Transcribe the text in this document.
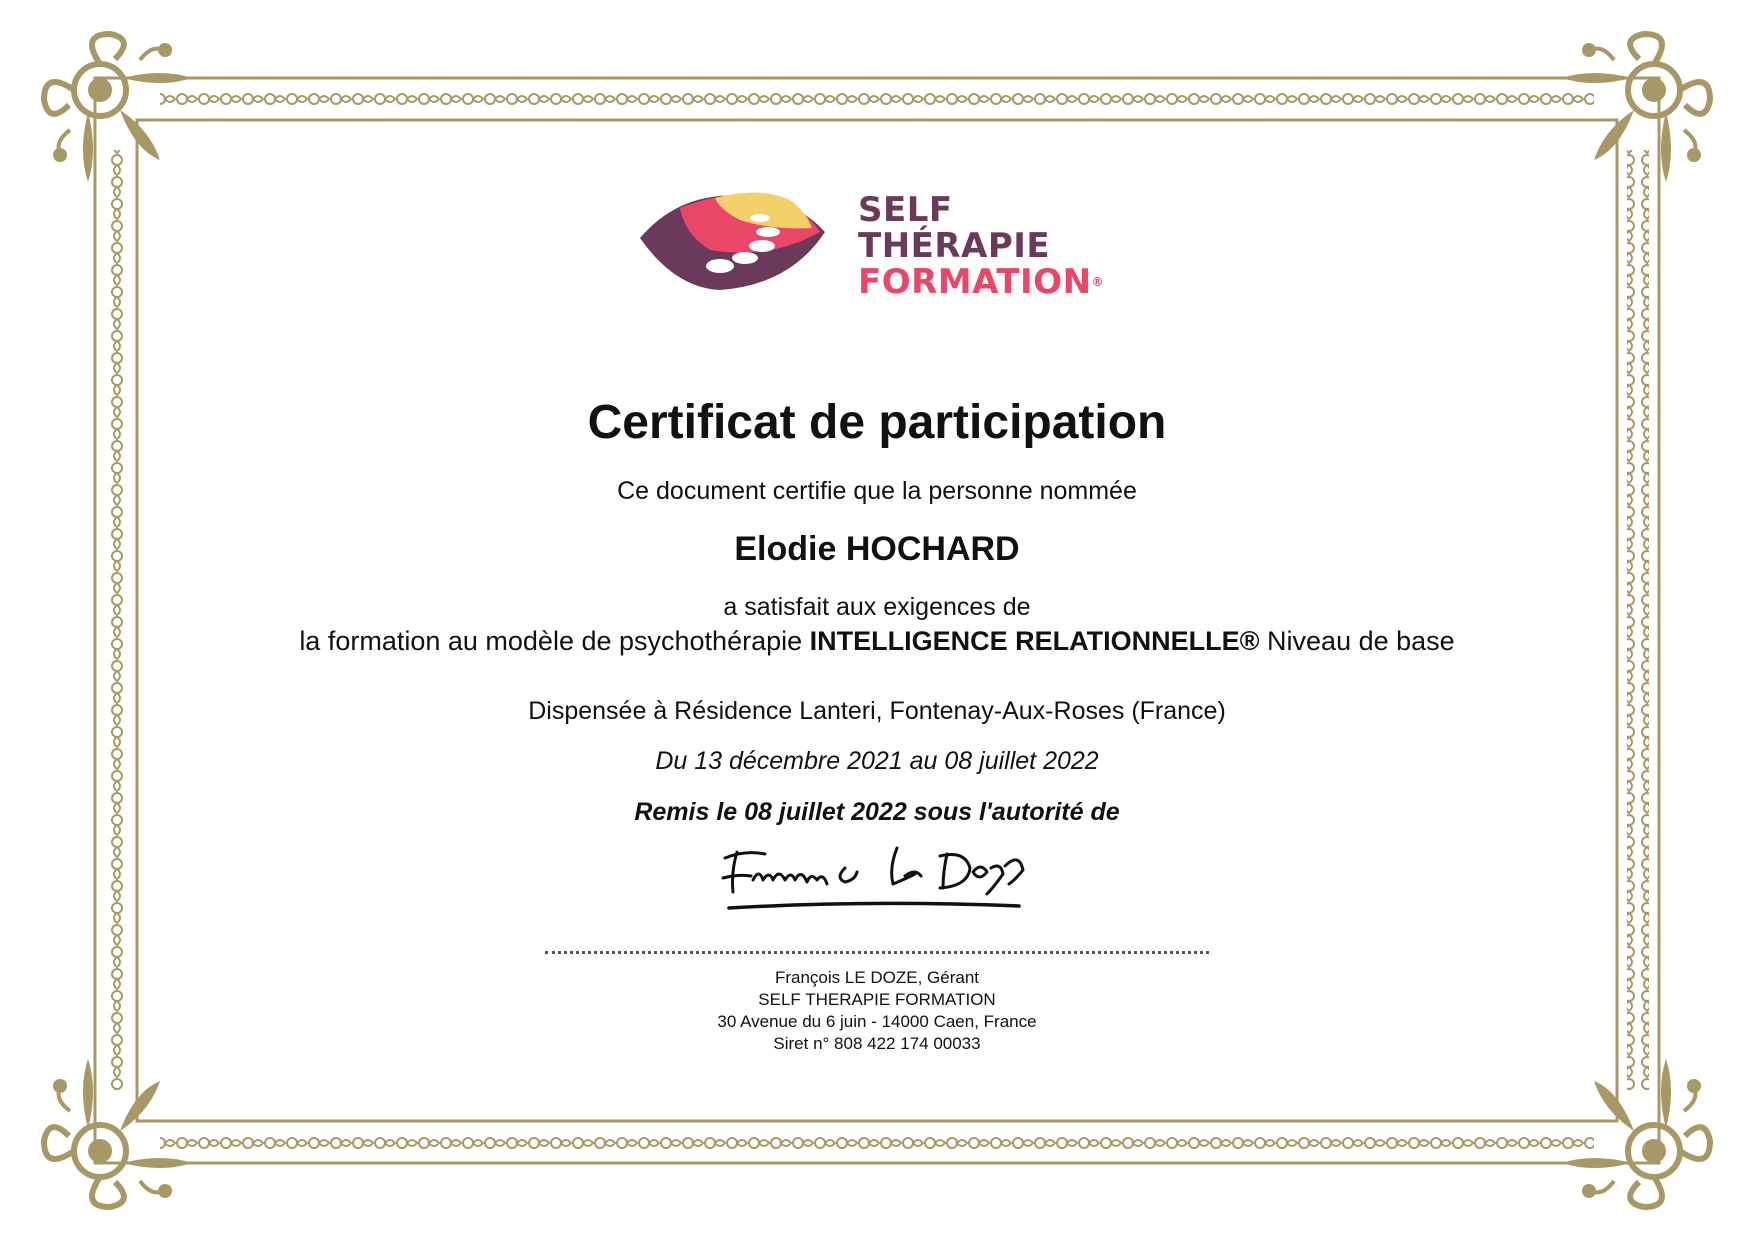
SELF
THÉRAPIE
FORMATION®
Certificat de participation
Ce document certifie que la personne nommée
Elodie HOCHARD
a satisfait aux exigences de
la formation au modèle de psychothérapie INTELLIGENCE RELATIONNELLE® Niveau de base
Dispensée à Résidence Lanteri, Fontenay-Aux-Roses (France)
Du 13 décembre 2021 au 08 juillet 2022
Remis le 08 juillet 2022 sous l'autorité de
François LE DOZE, Gérant
SELF THERAPIE FORMATION
30 Avenue du 6 juin - 14000 Caen, France
Siret n° 808 422 174 00033
